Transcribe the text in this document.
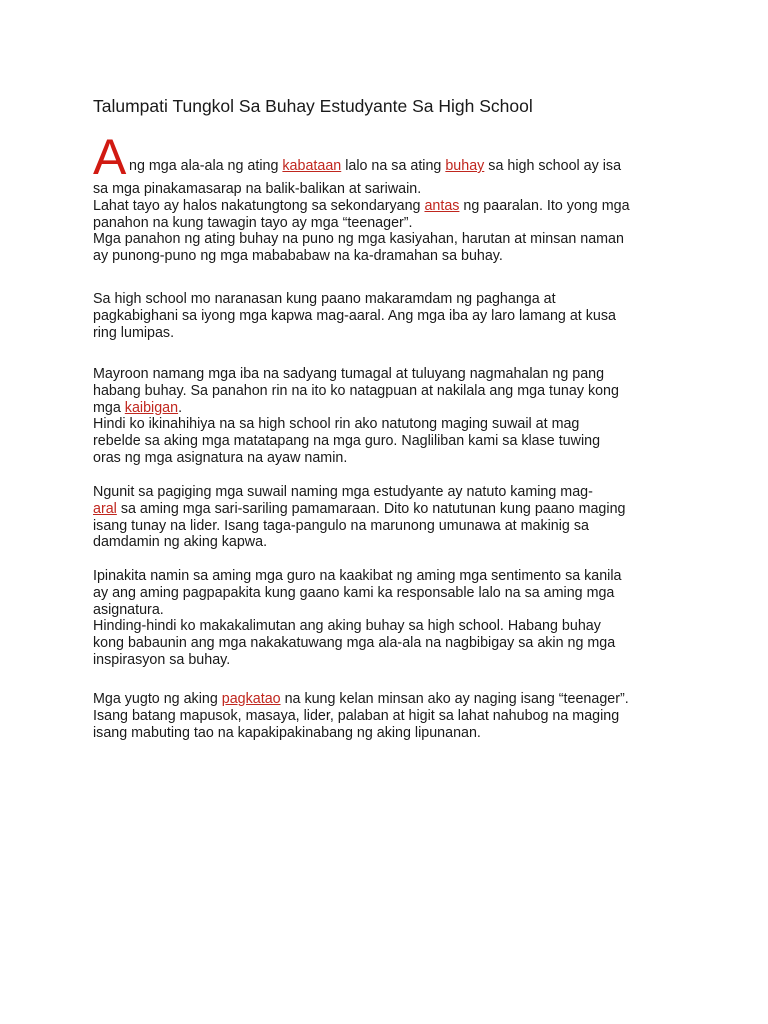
Talumpati Tungkol Sa Buhay Estudyante Sa High School
A ng mga ala-ala ng ating kabataan lalo na sa ating buhay sa high school ay isa
sa mga pinakamasarap na balik-balikan at sariwain.
Lahat tayo ay halos nakatungtong sa sekondaryang antas ng paaralan. Ito yong mga
panahon na kung tawagin tayo ay mga “teenager”.
Mga panahon ng ating buhay na puno ng mga kasiyahan, harutan at minsan naman
ay punong-puno ng mga mabababaw na ka-dramahan sa buhay.
Sa high school mo naranasan kung paano makaramdam ng paghanga at
pagkabighani sa iyong mga kapwa mag-aaral. Ang mga iba ay laro lamang at kusa
ring lumipas.
Mayroon namang mga iba na sadyang tumagal at tuluyang nagmahalan ng pang
habang buhay. Sa panahon rin na ito ko natagpuan at nakilala ang mga tunay kong
mga kaibigan.
Hindi ko ikinahihiya na sa high school rin ako natutong maging suwail at mag
rebelde sa aking mga matatapang na mga guro. Nagliliban kami sa klase tuwing
oras ng mga asignatura na ayaw namin.
Ngunit sa pagiging mga suwail naming mga estudyante ay natuto kaming mag-
aral sa aming mga sari-sariling pamamaraan. Dito ko natutunan kung paano maging
isang tunay na lider. Isang taga-pangulo na marunong umunawa at makinig sa
damdamin ng aking kapwa.
Ipinakita namin sa aming mga guro na kaakibat ng aming mga sentimento sa kanila
ay ang aming pagpapakita kung gaano kami ka responsable lalo na sa aming mga
asignatura.
Hinding-hindi ko makakalimutan ang aking buhay sa high school. Habang buhay
kong babaunin ang mga nakakatuwang mga ala-ala na nagbibigay sa akin ng mga
inspirasyon sa buhay.
Mga yugto ng aking pagkatao na kung kelan minsan ako ay naging isang “teenager”.
Isang batang mapusok, masaya, lider, palaban at higit sa lahat nahubog na maging
isang mabuting tao na kapakipakinabang ng aking lipunanan.
